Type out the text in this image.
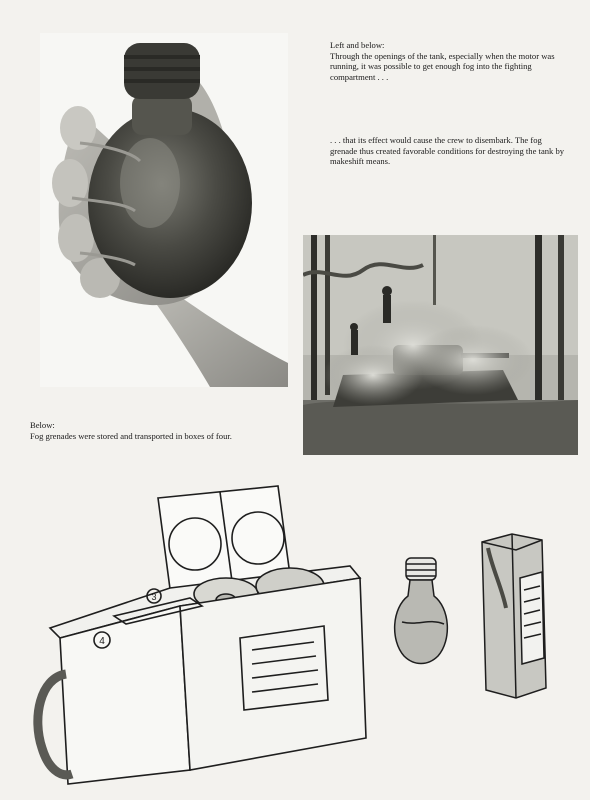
Left and below:

Through the openings of the tank, especially when the motor was running, it was possible to get enough fog into the fighting compartment . . .

. . . that its effect would cause the crew to disembark. The fog grenade thus created favorable conditions for destroying the tank by makeshift means.

Below:

Fog grenades were stored and transported in boxes of four.

4
3
